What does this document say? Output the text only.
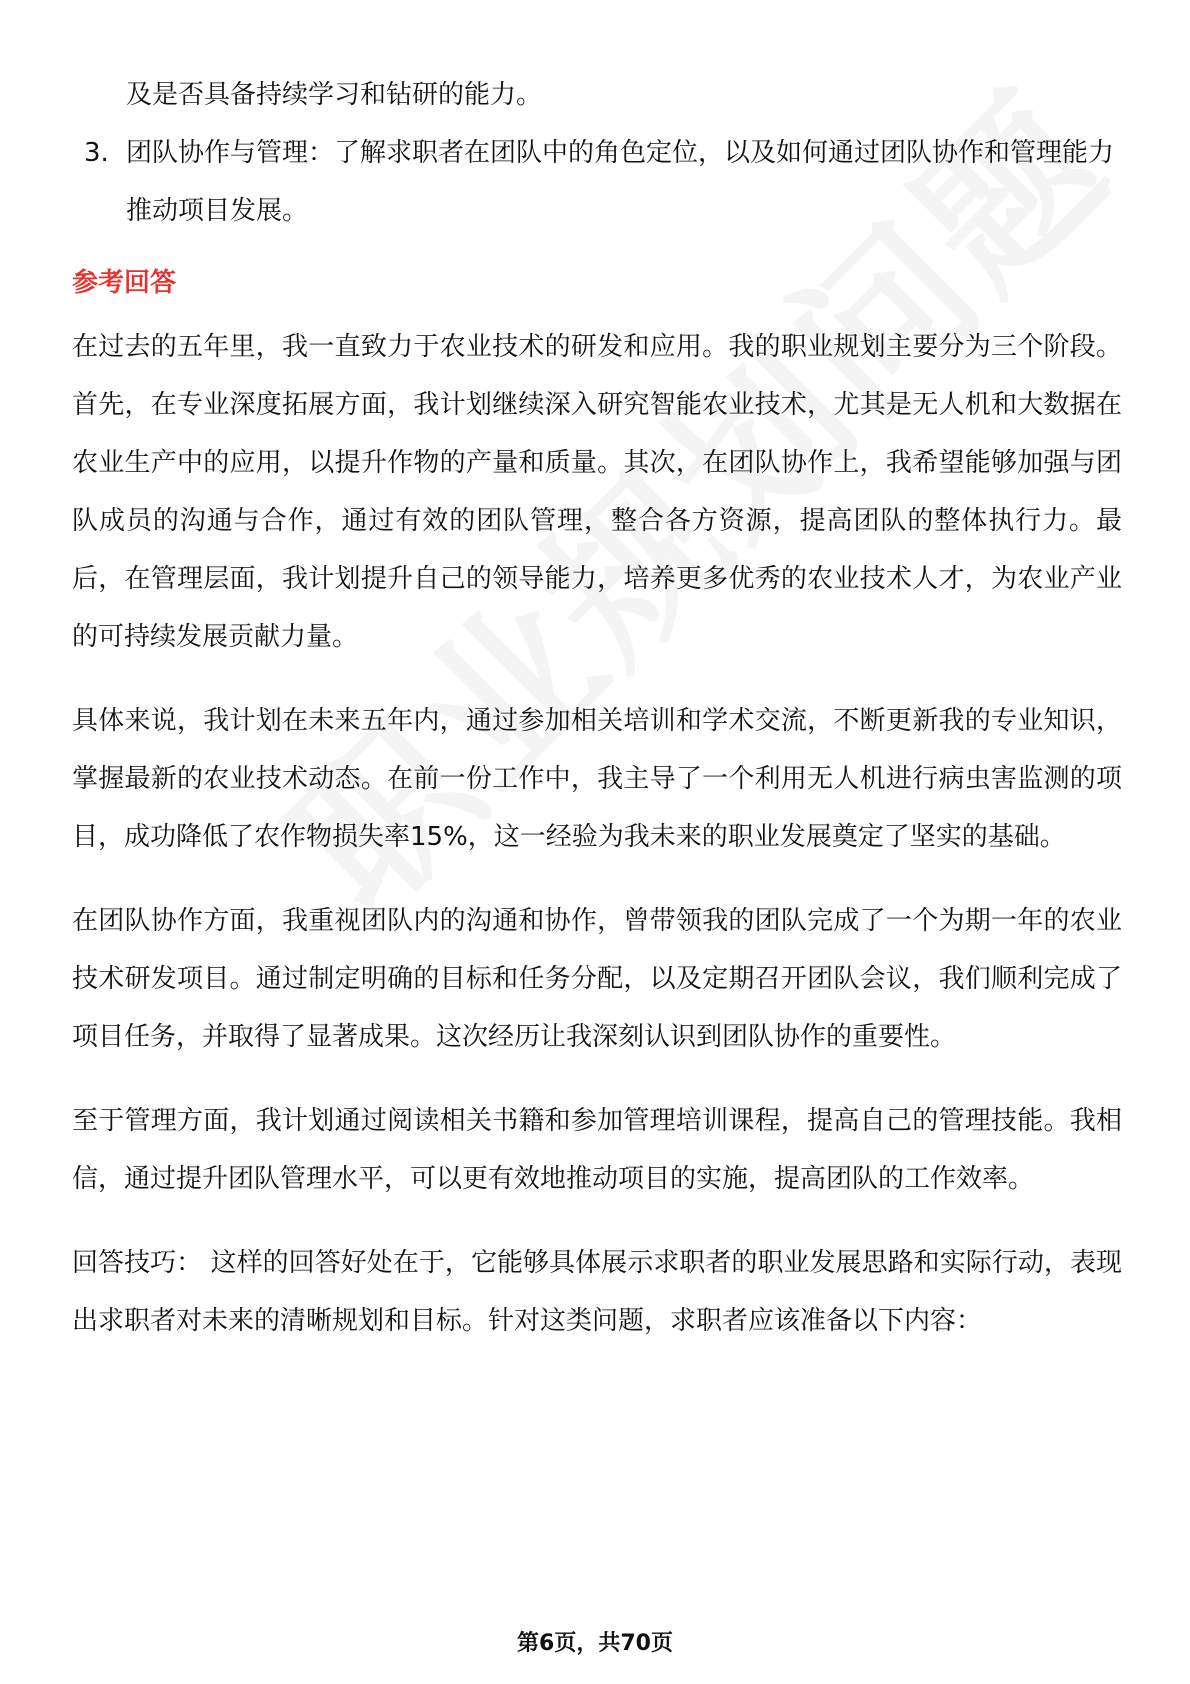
及是否具备持续学习和钻研的能力。

3. 团队协作与管理：了解求职者在团队中的角色定位，以及如何通过团队协作和管理能力推动项目发展。
参考回答

在过去的五年里，我一直致力于农业技术的研发和应用。我的职业规划主要分为三个阶段。首先，在专业深度拓展方面，我计划继续深入研究智能农业技术，尤其是无人机和大数据在农业生产中的应用，以提升作物的产量和质量。其次，在团队协作上，我希望能够加强与团队成员的沟通与合作，通过有效的团队管理，整合各方资源，提高团队的整体执行力。最后，在管理层面，我计划提升自己的领导能力，培养更多优秀的农业技术人才，为农业产业的可持续发展贡献力量。

具体来说，我计划在未来五年内，通过参加相关培训和学术交流，不断更新我的专业知识，掌握最新的农业技术动态。在前一份工作中，我主导了一个利用无人机进行病虫害监测的项目，成功降低了农作物损失率15%，这一经验为我未来的职业发展奠定了坚实的基础。

在团队协作方面，我重视团队内的沟通和协作，曾带领我的团队完成了一个为期一年的农业技术研发项目。通过制定明确的目标和任务分配，以及定期召开团队会议，我们顺利完成了项目任务，并取得了显著成果。这次经历让我深刻认识到团队协作的重要性。

至于管理方面，我计划通过阅读相关书籍和参加管理培训课程，提高自己的管理技能。我相信，通过提升团队管理水平，可以更有效地推动项目的实施，提高团队的工作效率。

回答技巧： 这样的回答好处在于，它能够具体展示求职者的职业发展思路和实际行动，表现出求职者对未来的清晰规划和目标。针对这类问题，求职者应该准备以下内容：

第6页，共70页
